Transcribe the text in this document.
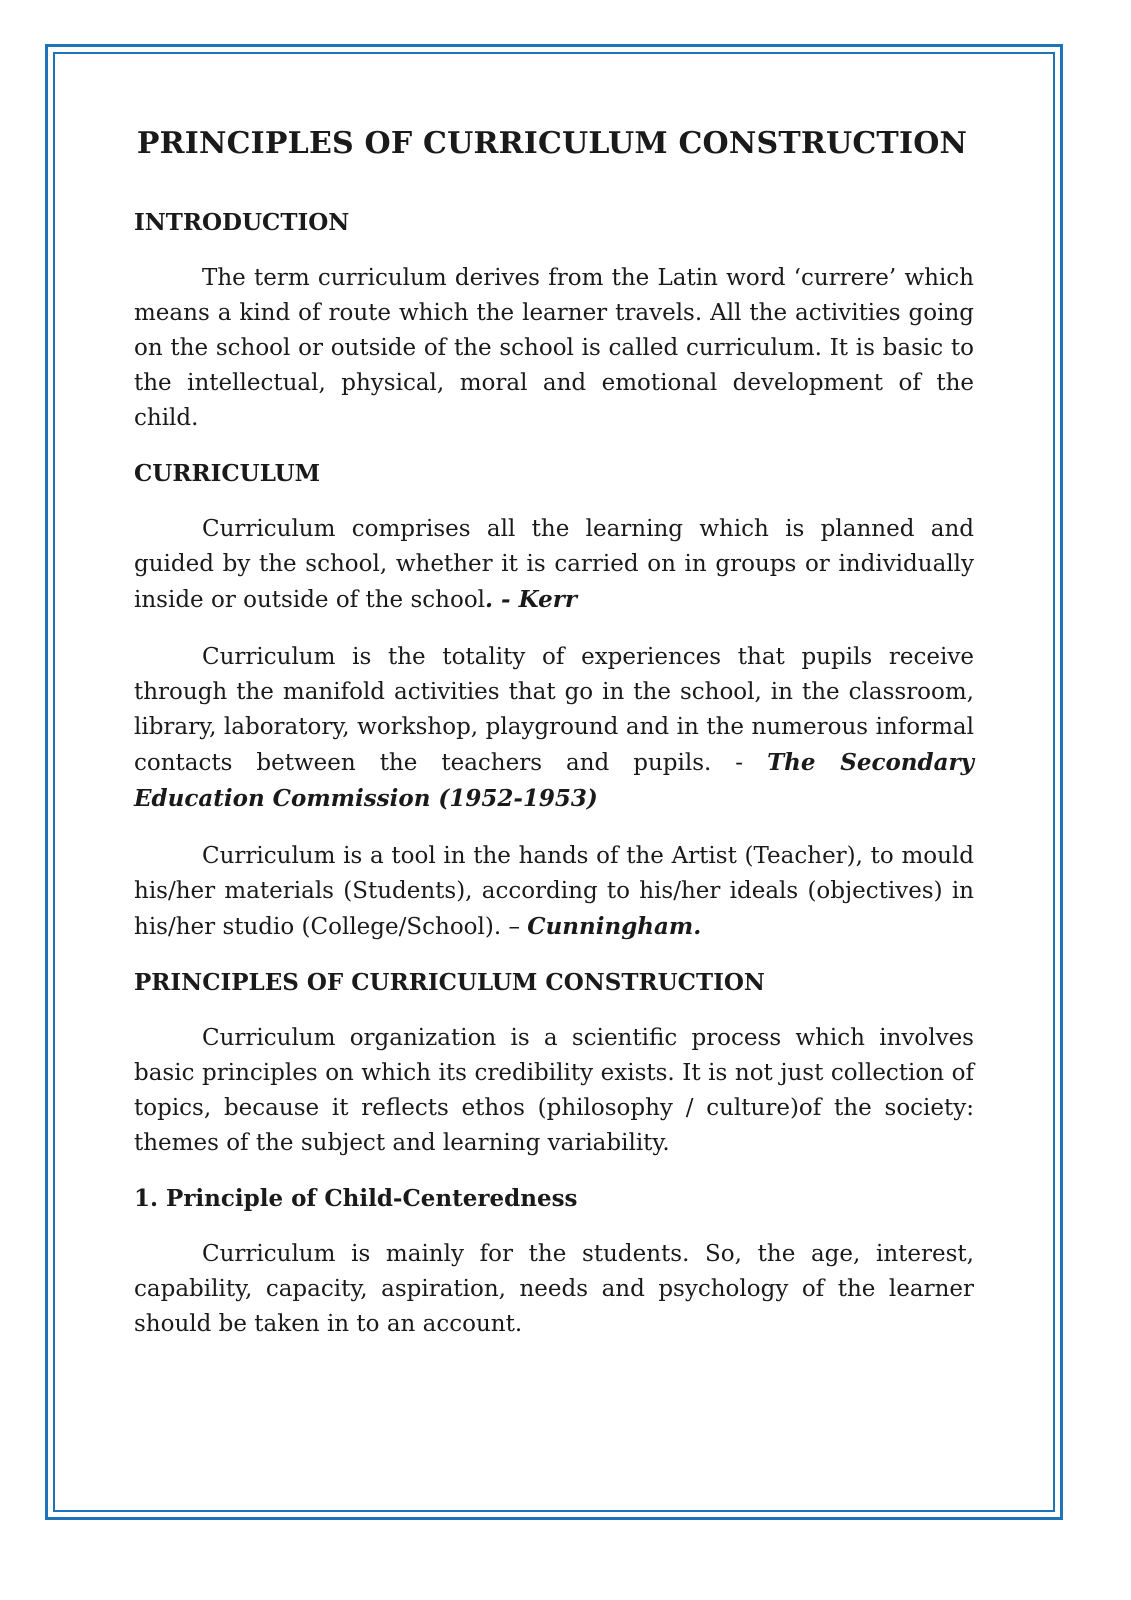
PRINCIPLES OF CURRICULUM CONSTRUCTION
INTRODUCTION

The term curriculum derives from the Latin word ‘currere’ which means a kind of route which the learner travels. All the activities going on the school or outside of the school is called curriculum. It is basic to the intellectual, physical, moral and emotional development of the child.

CURRICULUM

Curriculum comprises all the learning which is planned and guided by the school, whether it is carried on in groups or individually inside or outside of the school. - Kerr

Curriculum is the totality of experiences that pupils receive through the manifold activities that go in the school, in the classroom, library, laboratory, workshop, playground and in the numerous informal contacts between the teachers and pupils. - The Secondary Education Commission (1952-1953)

Curriculum is a tool in the hands of the Artist (Teacher), to mould his/her materials (Students), according to his/her ideals (objectives) in his/her studio (College/School). – Cunningham.

PRINCIPLES OF CURRICULUM CONSTRUCTION

Curriculum organization is a scientific process which involves basic principles on which its credibility exists. It is not just collection of topics, because it reflects ethos (philosophy / culture)of the society: themes of the subject and learning variability.

1. Principle of Child-Centeredness

Curriculum is mainly for the students. So, the age, interest, capability, capacity, aspiration, needs and psychology of the learner should be taken in to an account.
